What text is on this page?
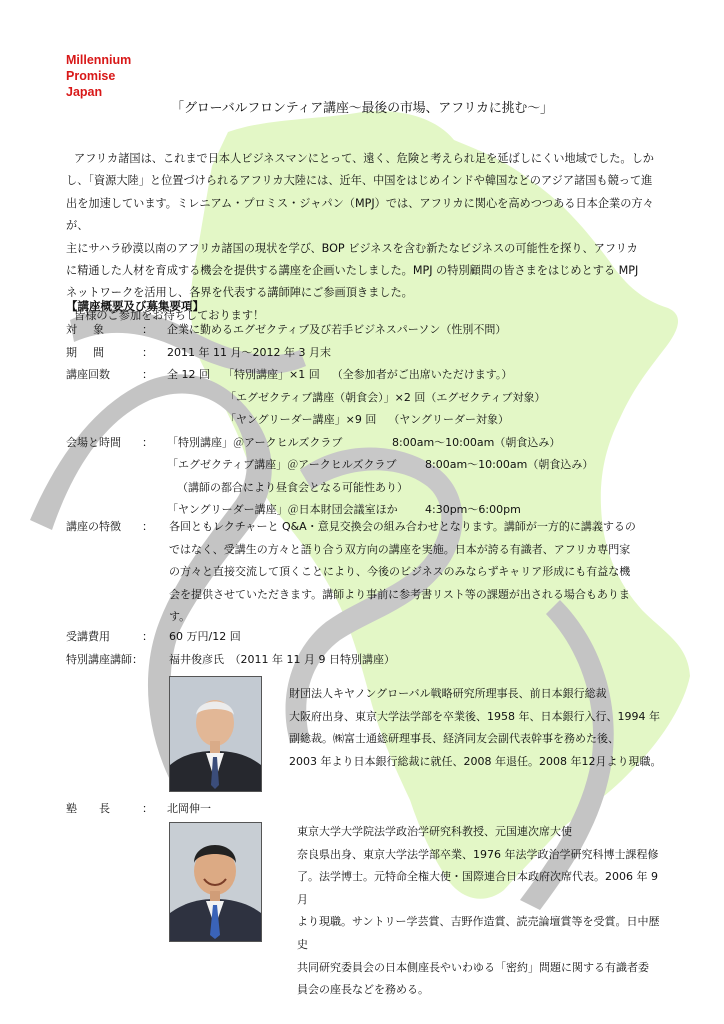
Millennium
Promise
Japan
「グローバルフロンティア講座～最後の市場、アフリカに挑む～」

アフリカ諸国は、これまで日本人ビジネスマンにとって、遠く、危険と考えられ足を延ばしにくい地域でした。しか

し、「資源大陸」と位置づけられるアフリカ大陸には、近年、中国をはじめインドや韓国などのアジア諸国も競って進

出を加速しています。ミレニアム・プロミス・ジャパン（MPJ）では、アフリカに関心を高めつつある日本企業の方々が、

主にサハラ砂漠以南のアフリカ諸国の現状を学び、BOP ビジネスを含む新たなビジネスの可能性を探り、アフリカ

に精通した人材を育成する機会を提供する講座を企画いたしました。MPJ の特別顧問の皆さまをはじめとする MPJ

ネットワークを活用し、各界を代表する講師陣にご参画頂きました。

皆様のご参加をお待ちしております！

【講座概要及び募集要項】
対象	：	企業に勤めるエグゼクティブ及び若手ビジネスパーソン（性別不問）
期間	：	2011 年 11 月～2012 年 3 月末
講座回数	：	全 12 回 「特別講座」×1 回 （全参加者がご出席いただけます。）
「エグゼクティブ講座（朝食会）」×2 回（エグゼクティブ対象）
「ヤングリーダー講座」×9 回 （ヤングリーダー対象）
会場と時間	：	「特別講座」＠アークヒルズクラブ	8:00am～10:00am（朝食込み）
「エグゼクティブ講座」＠アークヒルズクラブ	8:00am～10:00am（朝食込み）
（講師の都合により昼食会となる可能性あり）
「ヤングリーダー講座」＠日本財団会議室ほか 4:30pm～6:00pm
講座の特徴 ： 各回ともレクチャーと Q&A・意見交換会の組み合わせとなります。講師が一方的に講義するの
ではなく、受講生の方々と語り合う双方向の講座を実施。日本が誇る有識者、アフリカ専門家
の方々と直接交流して頂くことにより、今後のビジネスのみならずキャリア形成にも有益な機
会を提供させていただきます。講師より事前に参考書リスト等の課題が出される場合もありま
す。
受講費用	：	60 万円/12 回
特別講座講師：	福井俊彦氏　（2011 年 11 月 9 日特別講座）
財団法人キヤノングローバル戦略研究所理事長、前日本銀行総裁
大阪府出身、東京大学法学部を卒業後、1958 年、日本銀行入行、1994 年
副総裁。㈱富士通総研理事長、経済同友会副代表幹事を務めた後、
2003 年より日本銀行総裁に就任、2008 年退任。2008 年12月より現職。
塾 長	： 北岡伸一
東京大学大学院法学政治学研究科教授、元国連次席大使
奈良県出身、東京大学法学部卒業、1976 年法学政治学研究科博士課程修
了。法学博士。元特命全権大使・国際連合日本政府次席代表。2006 年 9 月
より現職。サントリー学芸賞、吉野作造賞、読売論壇賞等を受賞。日中歴史
共同研究委員会の日本側座長やいわゆる「密約」問題に関する有識者委
員会の座長などを務める。
